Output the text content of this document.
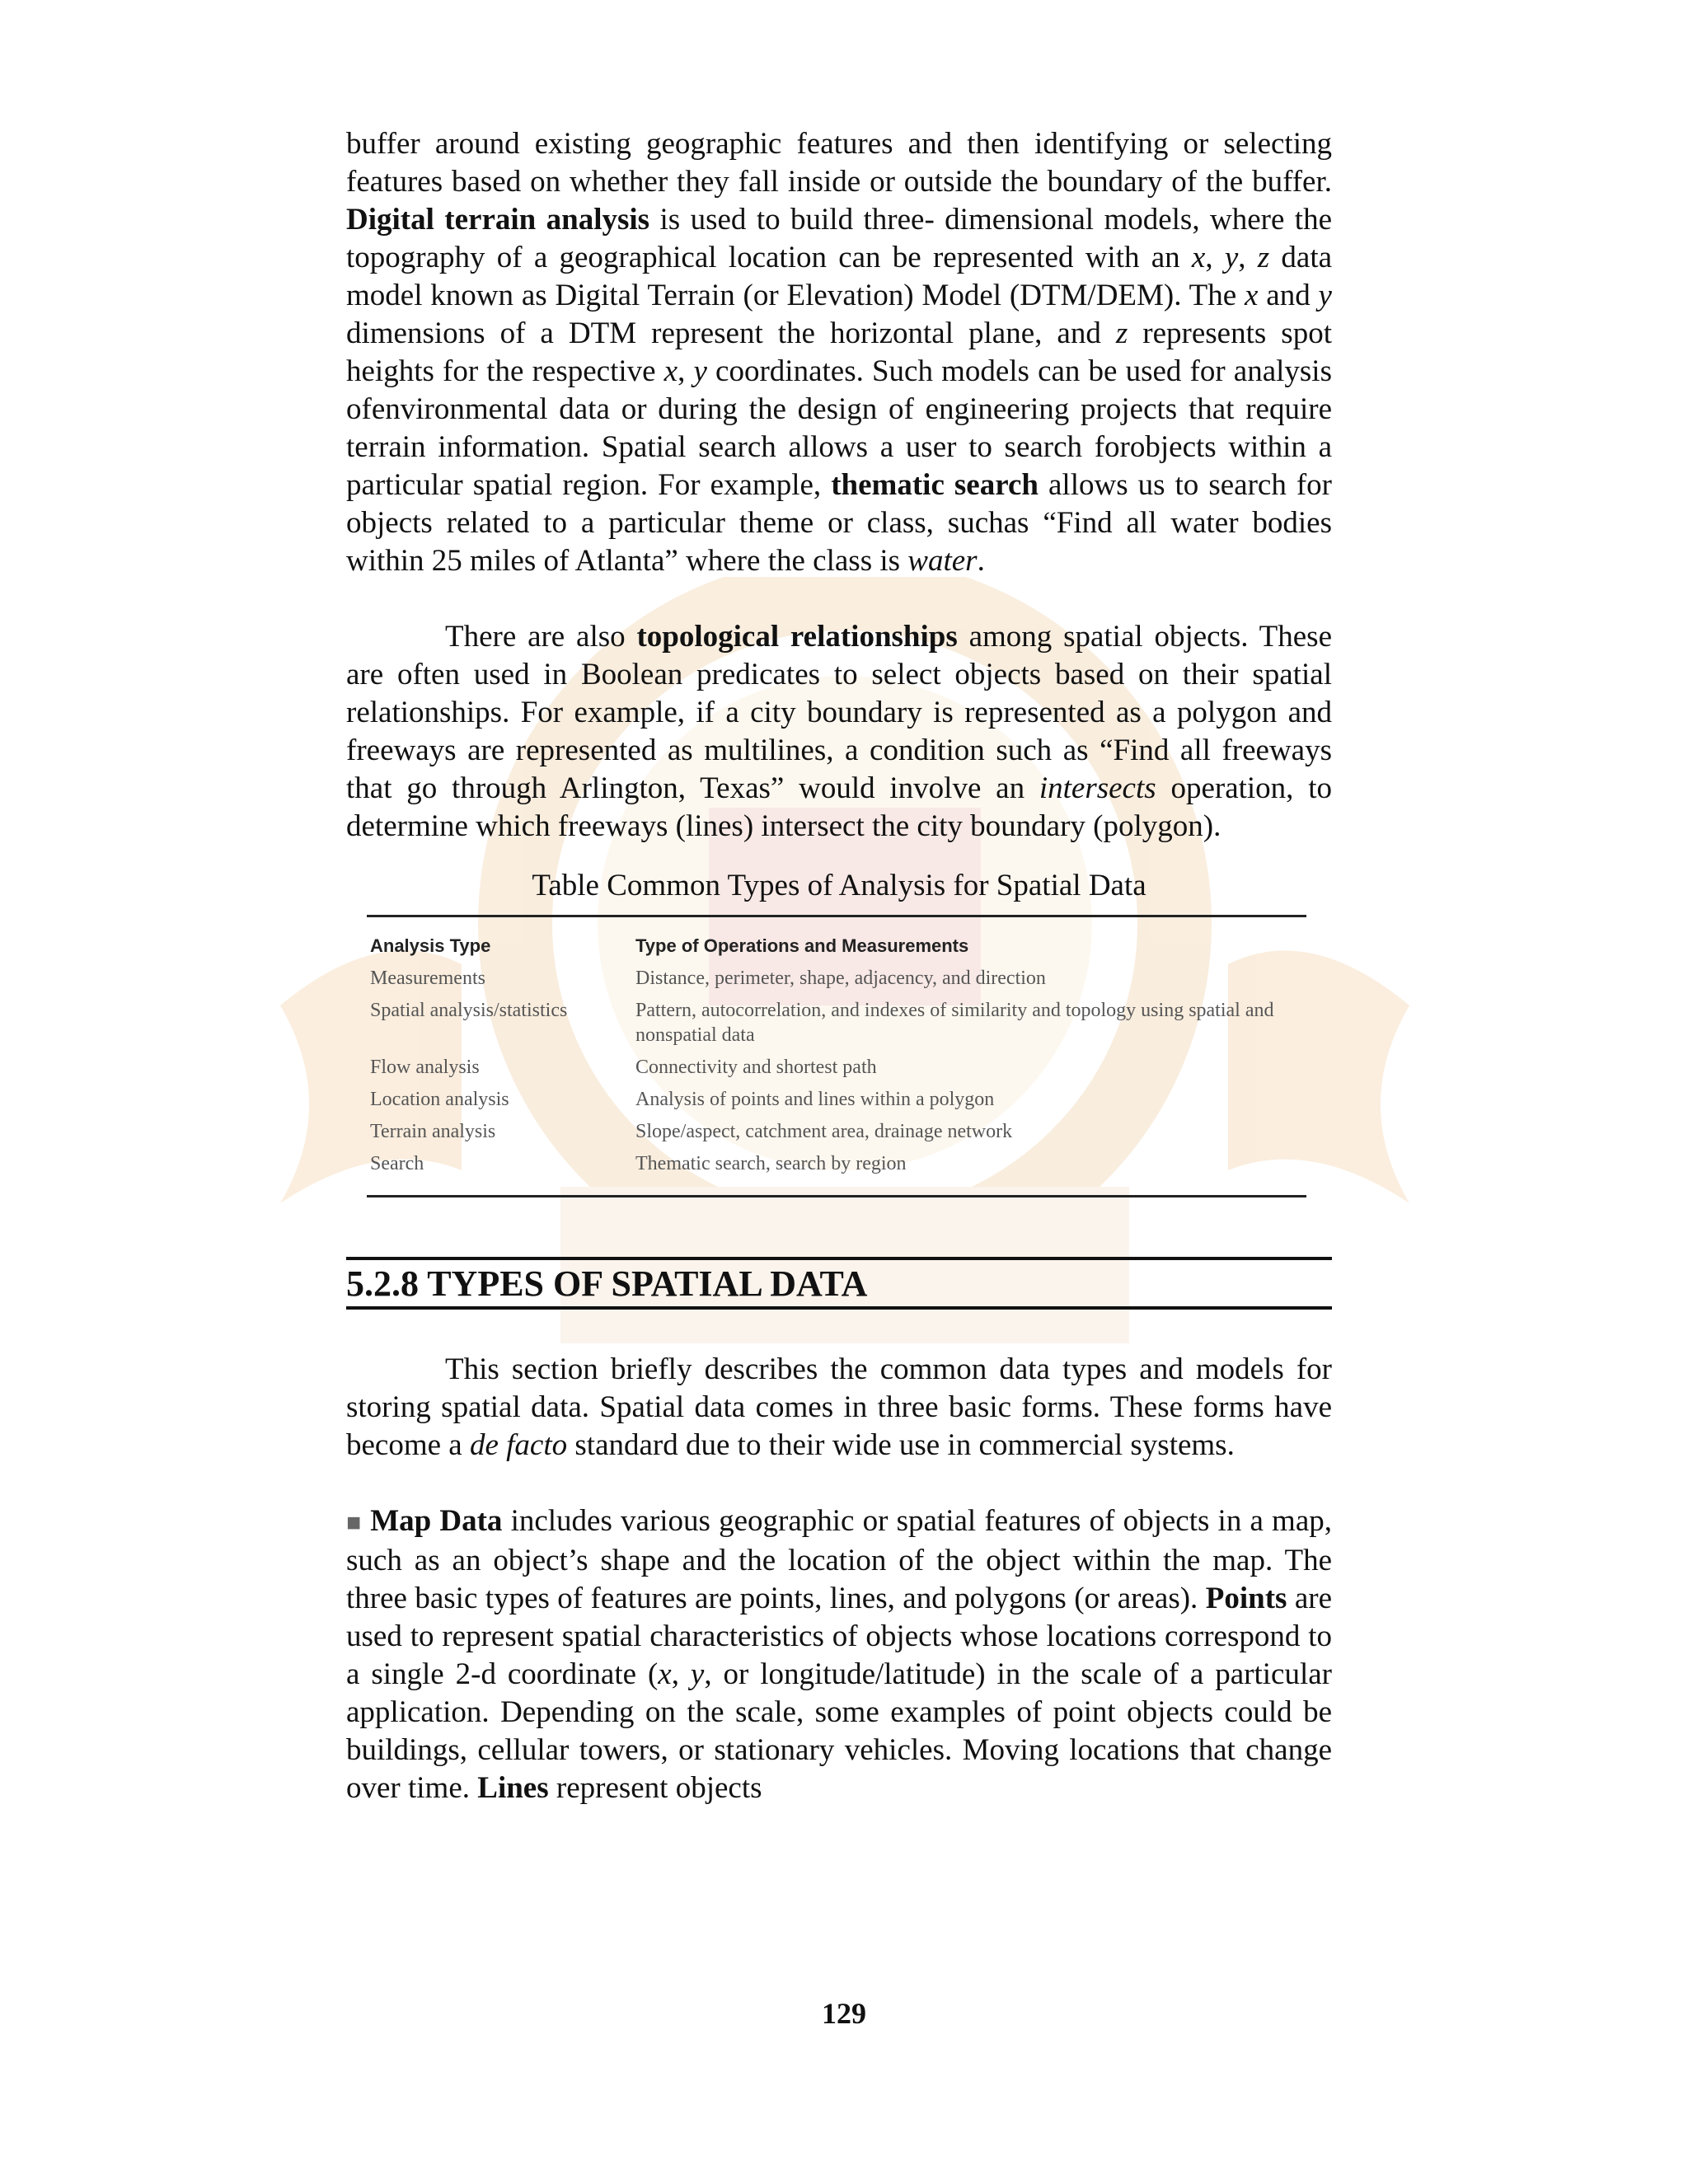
buffer around existing geographic features and then identifying or selecting features based on whether they fall inside or outside the boundary of the buffer. Digital terrain analysis is used to build three- dimensional models, where the topography of a geographical location can be represented with an x, y, z data model known as Digital Terrain (or Elevation) Model (DTM/DEM). The x and y dimensions of a DTM represent the horizontal plane, and z represents spot heights for the respective x, y coordinates. Such models can be used for analysis ofenvironmental data or during the design of engineering projects that require terrain information. Spatial search allows a user to search forobjects within a particular spatial region. For example, thematic search allows us to search for objects related to a particular theme or class, suchas “Find all water bodies within 25 miles of Atlanta” where the class is water.

There are also topological relationships among spatial objects. These are often used in Boolean predicates to select objects based on their spatial relationships. For example, if a city boundary is represented as a polygon and freeways are represented as multilines, a condition such as “Find all freeways that go through Arlington, Texas” would involve an intersects operation, to determine which freeways (lines) intersect the city boundary (polygon).

Table Common Types of Analysis for Spatial Data
Analysis Type	Type of Operations and Measurements
Measurements	Distance, perimeter, shape, adjacency, and direction
Spatial analysis/statistics	Pattern, autocorrelation, and indexes of similarity and topology using spatial and nonspatial data
Flow analysis	Connectivity and shortest path
Location analysis	Analysis of points and lines within a polygon
Terrain analysis	Slope/aspect, catchment area, drainage network
Search	Thematic search, search by region
5.2.8 TYPES OF SPATIAL DATA

This section briefly describes the common data types and models for storing spatial data. Spatial data comes in three basic forms. These forms have become a de facto standard due to their wide use in commercial systems.

■ Map Data includes various geographic or spatial features of objects in a map, such as an object’s shape and the location of the object within the map. The three basic types of features are points, lines, and polygons (or areas). Points are used to represent spatial characteristics of objects whose locations correspond to a single 2-d coordinate (x, y, or longitude/latitude) in the scale of a particular application. Depending on the scale, some examples of point objects could be buildings, cellular towers, or stationary vehicles. Moving locations that change over time. Lines represent objects

129
